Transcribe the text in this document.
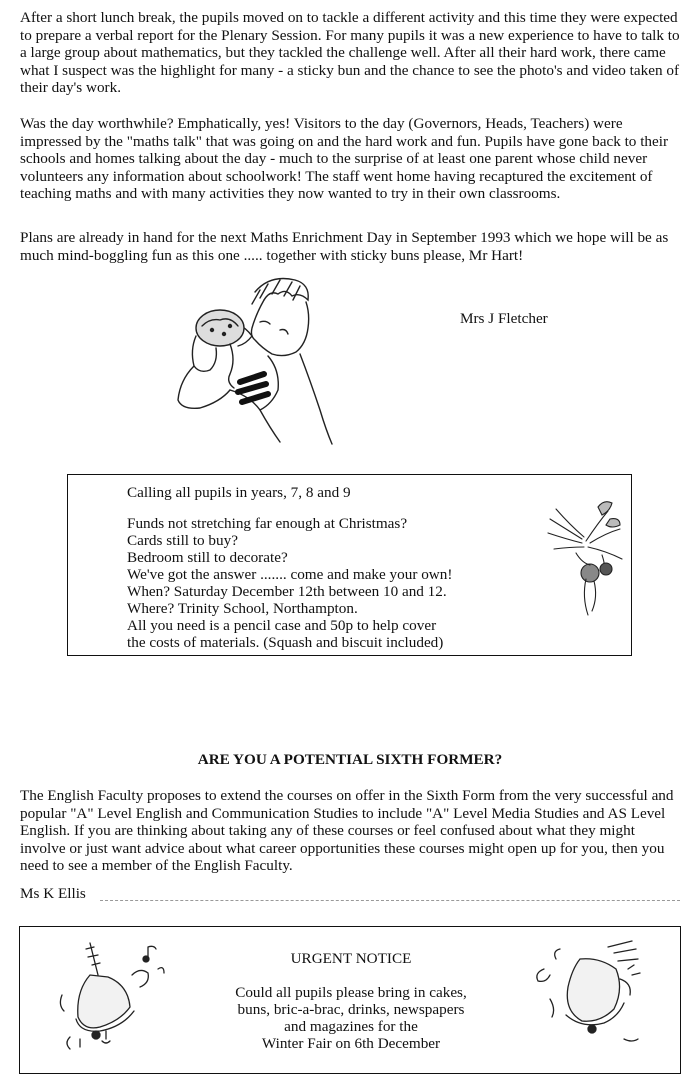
After a short lunch break, the pupils moved on to tackle a different activity and this time they were expected to prepare a verbal report for the Plenary Session. For many pupils it was a new experience to have to talk to a large group about mathematics, but they tackled the challenge well. After all their hard work, there came what I suspect was the highlight for many - a sticky bun and the chance to see the photo's and video taken of their day's work.

Was the day worthwhile? Emphatically, yes! Visitors to the day (Governors, Heads, Teachers) were impressed by the "maths talk" that was going on and the hard work and fun. Pupils have gone back to their schools and homes talking about the day - much to the surprise of at least one parent whose child never volunteers any information about schoolwork! The staff went home having recaptured the excitement of teaching maths and with many activities they now wanted to try in their own classrooms.

Plans are already in hand for the next Maths Enrichment Day in September 1993 which we hope will be as much mind-boggling fun as this one ..... together with sticky buns please, Mr Hart!

Mrs J Fletcher
Calling all pupils in years, 7, 8 and 9
Funds not stretching far enough at Christmas?
Cards still to buy?
Bedroom still to decorate?
We've got the answer ....... come and make your own!
When? Saturday December 12th between 10 and 12.
Where? Trinity School, Northampton.
All you need is a pencil case and 50p to help cover
the costs of materials. (Squash and biscuit included)
ARE YOU A POTENTIAL SIXTH FORMER?

The English Faculty proposes to extend the courses on offer in the Sixth Form from the very successful and popular "A" Level English and Communication Studies to include "A" Level Media Studies and AS Level English. If you are thinking about taking any of these courses or feel confused about what they might involve or just want advice about what career opportunities these courses might open up for you, then you need to see a member of the English Faculty.

Ms K Ellis
URGENT NOTICE
Could all pupils please bring in cakes,
buns, bric-a-brac, drinks, newspapers
and magazines for the
Winter Fair on 6th December
